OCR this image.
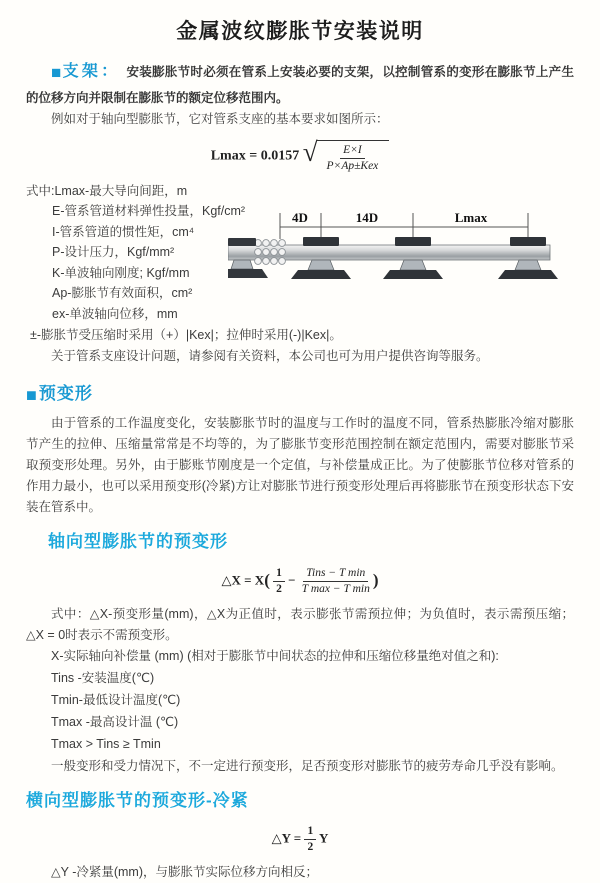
金属波纹膨胀节安装说明

■支架： 安装膨胀节时必须在管系上安装必要的支架，以控制管系的变形在膨胀节上产生的位移方向并限制在膨胀节的额定位移范围内。

例如对于轴向型膨胀节，它对管系支座的基本要求如图所示：

Lmax = 0.0157 √ $\frac{E\times I}{\text{P×Ap±Kex}}$
式中:Lmax-最大导向间距，m
E-管系管道材料弹性投量，Kgf/cm²
I-管系管道的惯性矩，cm⁴
P-设计压力，Kgf/mm²
K-单波轴向刚度; Kgf/mm
Ap-膨胀节有效面积，cm²
ex-单波轴向位移，mm
4D	14D	Lmax

±-膨胀节受压缩时采用（+）|Kex|；拉伸时采用(-)|Kex|。

关于管系支座设计问题，请参阅有关资料，本公司也可为用户提供咨询等服务。

■预变形

由于管系的工作温度变化，安装膨胀节时的温度与工作时的温度不同，管系热膨胀冷缩对膨胀节产生的拉伸、压缩量常常是不均等的，为了膨胀节变形范围控制在额定范围内，需要对膨胀节采取预变形处理。另外，由于膨账节刚度是一个定值，与补偿量成正比。为了使膨胀节位移对管系的作用力最小，也可以采用预变形(冷紧)方让对膨胀节进行预变形处理后再将膨胀节在预变形状态下安装在管系中。

轴向型膨胀节的预变形
△X = $X( \frac{1}{2} - \frac{\text{Tins − T min}}{\text{T max − T min}}$ )

式中：△X-预变形量(mm)，△X为正值时，表示膨张节需预拉伸；为负值时，表示需预压缩；△X = 0时表示不需预变形。

X-实际轴向补偿量 (mm) (相对于膨胀节中间状态的拉伸和压缩位移量绝对值之和):

Tins -安装温度(℃)
Tmin-最低设计温度(℃)
Tmax -最高设计温 (℃)
Tmax > Tins ≥ Tmin

一般变形和受力情况下，不一定进行预变形，足否预变形对膨胀节的疲劳寿命几乎没有影响。

横向型膨胀节的预变形-冷紧
△Y = $\frac{1}{2}$ Y

△Y -冷紧量(mm)，与膨胀节实际位移方向相反；
